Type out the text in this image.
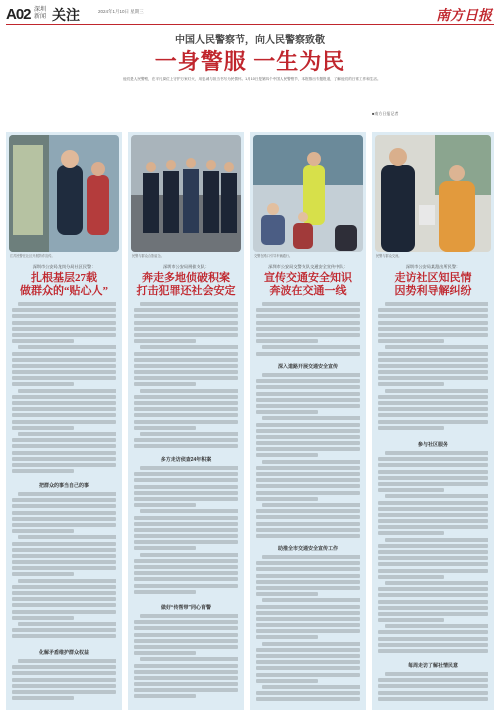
A02 深圳
新闻 关注	2024年1月10日 星期三	南方日报
中国人民警察节，向人民警察致敬
一身警服 一生为民
他们是人民警察，在平凡岗位上守护万家灯火，用忠诚与担当书写为民情怀。1月10日是第四个中国人民警察节，本报推出专题报道，了解他们的日常工作和生活。
■南方日报记者
江苏民警在社区开展防诈宣传。
深圳市公安局龙岗分局社区民警：
扎根基层27载
做群众的“贴心人”
把群众的事当自己的事
化解矛盾维护群众权益
民警与群众合影留念。
深圳市公安局刑侦支队：
奔走多地侦破积案
打击犯罪还社会安定
多方走访侦查24年积案
做好“传帮带”同心育警
交警在路口引导车辆通行。
深圳市公安局交警支队交通安全宣传中队：
宣传交通安全知识
奔波在交通一线
深入道路开展交通安全宣传
助推全市交通安全宣传工作
民警与群众交流。
深圳市公安局某派出所民警：
走访社区知民情
因势利导解纠纷
参与社区服务
每周走访了解社情民意
